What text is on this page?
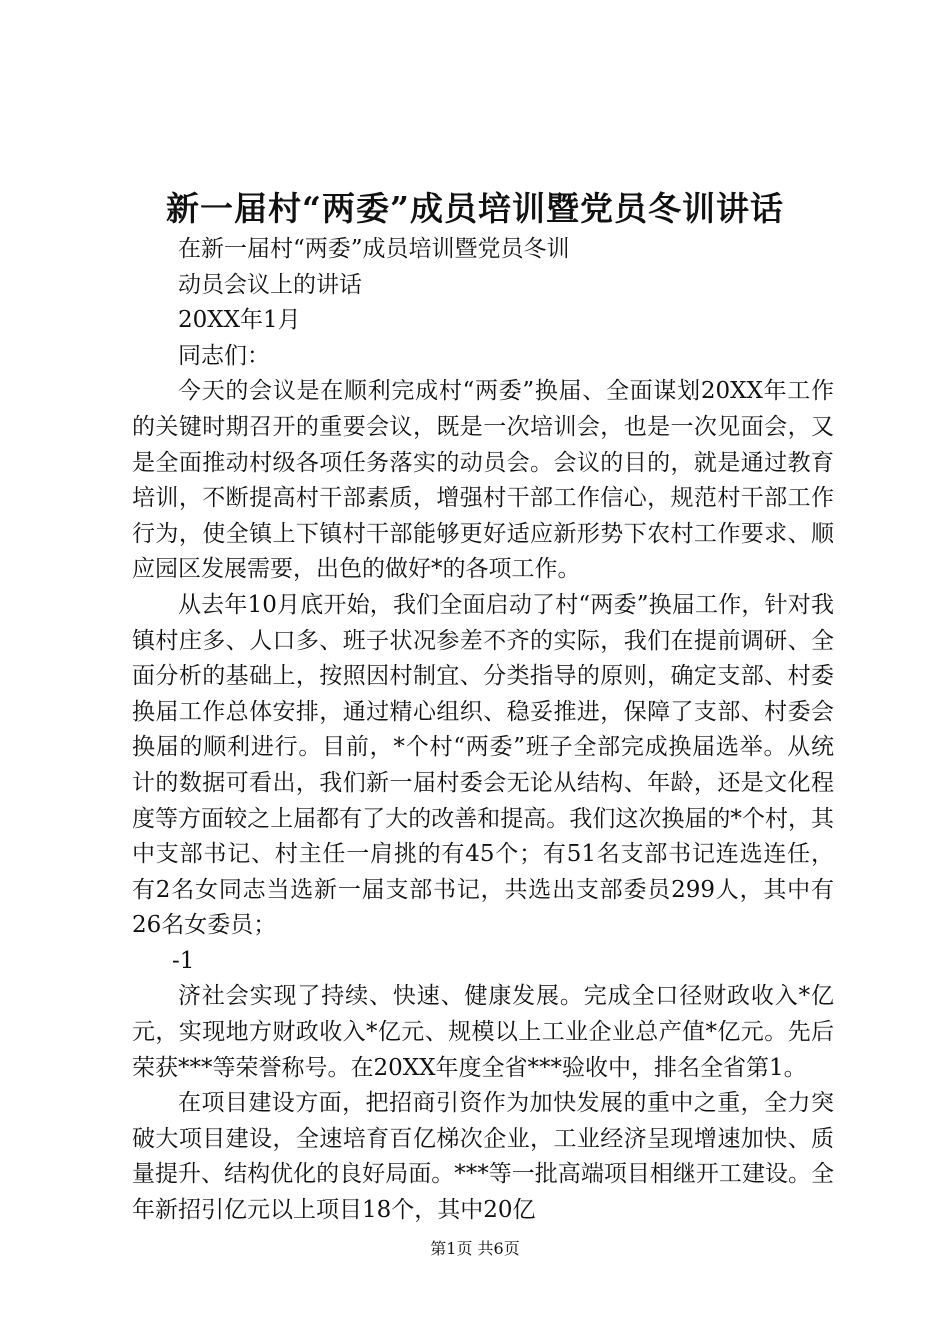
新一届村“两委”成员培训暨党员冬训讲话

在新一届村“两委”成员培训暨党员冬训

动员会议上的讲话

20XX年1月

同志们：

今天的会议是在顺利完成村“两委”换届、全面谋划20XX年工作的关键时期召开的重要会议，既是一次培训会，也是一次见面会，又是全面推动村级各项任务落实的动员会。会议的目的，就是通过教育培训，不断提高村干部素质，增强村干部工作信心，规范村干部工作行为，使全镇上下镇村干部能够更好适应新形势下农村工作要求、顺应园区发展需要，出色的做好*的各项工作。

从去年10月底开始，我们全面启动了村“两委”换届工作，针对我镇村庄多、人口多、班子状况参差不齐的实际，我们在提前调研、全面分析的基础上，按照因村制宜、分类指导的原则，确定支部、村委换届工作总体安排，通过精心组织、稳妥推进，保障了支部、村委会换届的顺利进行。目前，*个村“两委”班子全部完成换届选举。从统计的数据可看出，我们新一届村委会无论从结构、年龄，还是文化程度等方面较之上届都有了大的改善和提高。我们这次换届的*个村，其中支部书记、村主任一肩挑的有45个；有51名支部书记连选连任，有2名女同志当选新一届支部书记，共选出支部委员299人，其中有26名女委员；

-1

济社会实现了持续、快速、健康发展。完成全口径财政收入*亿元，实现地方财政收入*亿元、规模以上工业企业总产值*亿元。先后荣获***等荣誉称号。在20XX年度全省***验收中，排名全省第1。

在项目建设方面，把招商引资作为加快发展的重中之重，全力突破大项目建设，全速培育百亿梯次企业，工业经济呈现增速加快、质量提升、结构优化的良好局面。***等一批高端项目相继开工建设。全年新招引亿元以上项目18个，其中20亿

第1页 共6页
